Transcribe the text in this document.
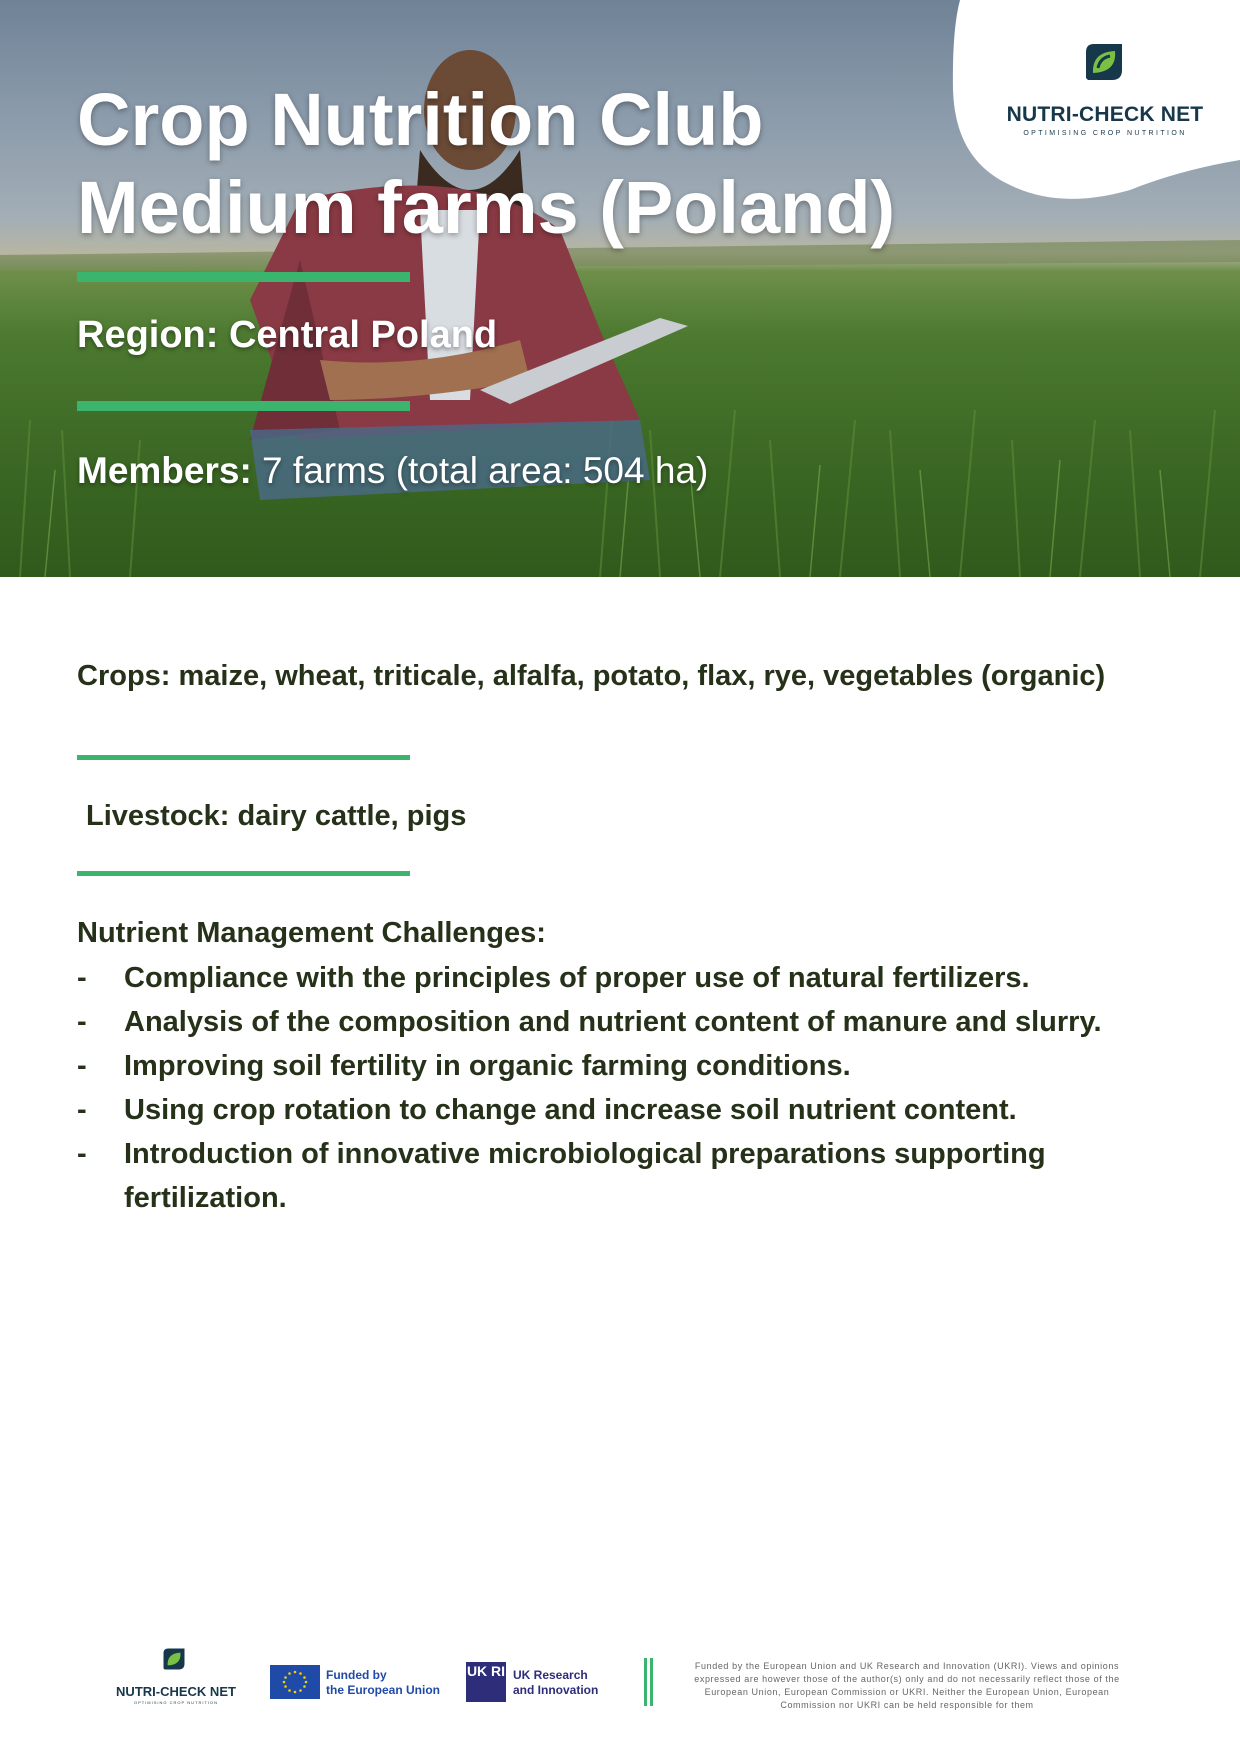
NUTRI-CHECK NET
OPTIMISING CROP NUTRITION
Crop Nutrition Club
Medium farms (Poland)
Region: Central Poland
Members: 7 farms (total area: 504 ha)
Crops: maize, wheat, triticale, alfalfa, potato, flax, rye, vegetables (organic)
Livestock: dairy cattle, pigs
Nutrient Management Challenges:
- Compliance with the principles of proper use of natural fertilizers.
- Analysis of the composition and nutrient content of manure and slurry.
- Improving soil fertility in organic farming conditions.
- Using crop rotation to change and increase soil nutrient content.
- Introduction of innovative microbiological preparations supporting fertilization.
NUTRI-CHECK NET
OPTIMISING CROP NUTRITION
Funded by
the European Union
UK RI UK Research
and Innovation
Funded by the European Union and UK Research and Innovation (UKRI). Views and opinions expressed are however those of the author(s) only and do not necessarily reflect those of the European Union, European Commission or UKRI. Neither the European Union, European Commission nor UKRI can be held responsible for them
